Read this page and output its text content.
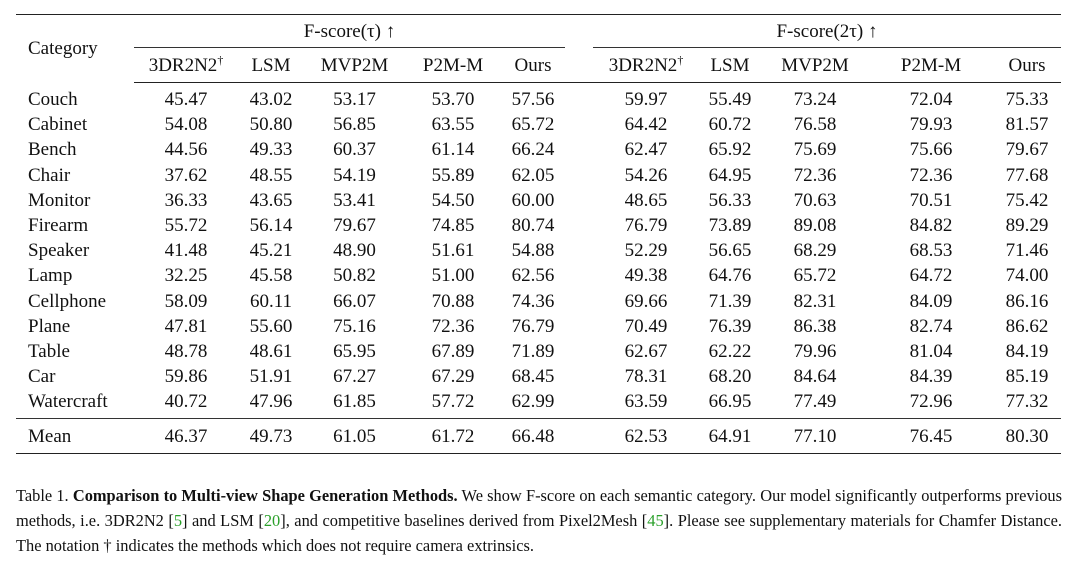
Category	F-score(τ) ↑						F-score(2τ) ↑				
	3DR2N2†	LSM	MVP2M	P2M-M	Ours		3DR2N2†	LSM	MVP2M	P2M-M	Ours

Couch	45.47	43.02	53.17	53.70	57.56		59.97	55.49	73.24	72.04	75.33
Cabinet	54.08	50.80	56.85	63.55	65.72		64.42	60.72	76.58	79.93	81.57
Bench	44.56	49.33	60.37	61.14	66.24		62.47	65.92	75.69	75.66	79.67
Chair	37.62	48.55	54.19	55.89	62.05		54.26	64.95	72.36	72.36	77.68
Monitor	36.33	43.65	53.41	54.50	60.00		48.65	56.33	70.63	70.51	75.42
Firearm	55.72	56.14	79.67	74.85	80.74		76.79	73.89	89.08	84.82	89.29
Speaker	41.48	45.21	48.90	51.61	54.88		52.29	56.65	68.29	68.53	71.46
Lamp	32.25	45.58	50.82	51.00	62.56		49.38	64.76	65.72	64.72	74.00
Cellphone	58.09	60.11	66.07	70.88	74.36		69.66	71.39	82.31	84.09	86.16
Plane	47.81	55.60	75.16	72.36	76.79		70.49	76.39	86.38	82.74	86.62
Table	48.78	48.61	65.95	67.89	71.89		62.67	62.22	79.96	81.04	84.19
Car	59.86	51.91	67.27	67.29	68.45		78.31	68.20	84.64	84.39	85.19
Watercraft	40.72	47.96	61.85	57.72	62.99		63.59	66.95	77.49	72.96	77.32

Mean	46.37	49.73	61.05	61.72	66.48		62.53	64.91	77.10	76.45	80.30
Table 1. Comparison to Multi-view Shape Generation Methods. We show F-score on each semantic category. Our model significantly outperforms previous methods, i.e. 3DR2N2 [5] and LSM [20], and competitive baselines derived from Pixel2Mesh [45]. Please see supplementary materials for Chamfer Distance. The notation † indicates the methods which does not require camera extrinsics.
